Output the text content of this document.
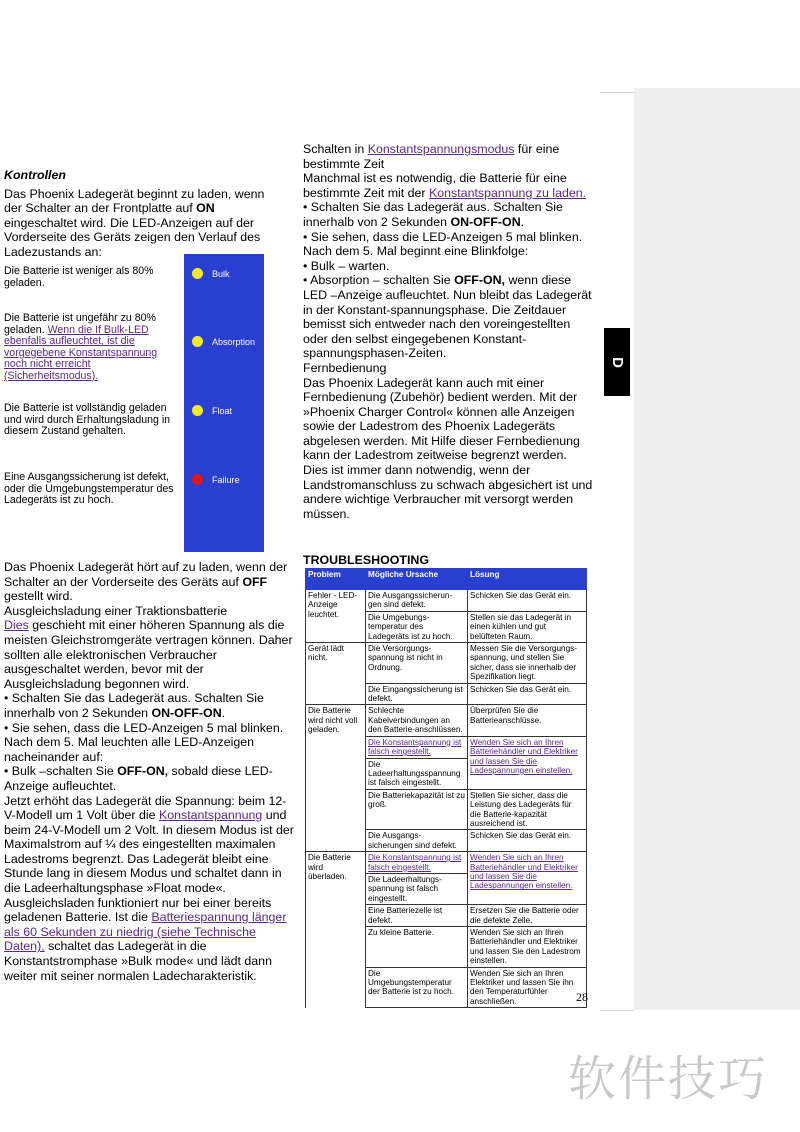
D

Kontrollen

Das Phoenix Ladegerät beginnt zu laden, wenn der Schalter an der Frontplatte auf ON eingeschaltet wird. Die LED-Anzeigen auf der Vorderseite des Geräts zeigen den Verlauf des Ladezustands an:

Die Batterie ist weniger als 80% geladen.
Die Batterie ist ungefähr zu 80% geladen. Wenn die If Bulk-LED ebenfalls aufleuchtet, ist die vorgegebene Konstantspannung noch nicht erreicht (Sicherheitsmodus).
Die Batterie ist vollständig geladen und wird durch Erhaltungsladung in diesem Zustand gehalten.
Eine Ausgangssicherung ist defekt, oder die Umgebungstemperatur des Ladegeräts ist zu hoch.
Bulk
Absorption
Float
Failure

Das Phoenix Ladegerät hört auf zu laden, wenn der Schalter an der Vorderseite des Geräts auf OFF gestellt wird.

Ausgleichsladung einer Traktionsbatterie

Dies geschieht mit einer höheren Spannung als die meisten Gleichstromgeräte vertragen können. Daher sollten alle elektronischen Verbraucher ausgeschaltet werden, bevor mit der Ausgleichsladung begonnen wird.

• Schalten Sie das Ladegerät aus. Schalten Sie innerhalb von 2 Sekunden ON-OFF-ON.

• Sie sehen, dass die LED-Anzeigen 5 mal blinken. Nach dem 5. Mal leuchten alle LED-Anzeigen nacheinander auf:

• Bulk –schalten Sie OFF-ON, sobald diese LED-Anzeige aufleuchtet.

Jetzt erhöht das Ladegerät die Spannung: beim 12-V-Modell um 1 Volt über die Konstantspannung und beim 24-V-Modell um 2 Volt. In diesem Modus ist der Maximalstrom auf ¼ des eingestellten maximalen Ladestroms begrenzt. Das Ladegerät bleibt eine Stunde lang in diesem Modus und schaltet dann in die Ladeerhaltungsphase »Float mode«.

Ausgleichsladen funktioniert nur bei einer bereits geladenen Batterie. Ist die Batteriespannung länger als 60 Sekunden zu niedrig (siehe Technische Daten), schaltet das Ladegerät in die Konstantstromphase »Bulk mode« und lädt dann weiter mit seiner normalen Ladecharakteristik.

Schalten in Konstantspannungsmodus für eine bestimmte Zeit

Manchmal ist es notwendig, die Batterie für eine bestimmte Zeit mit der Konstantspannung zu laden.

• Schalten Sie das Ladegerät aus. Schalten Sie innerhalb von 2 Sekunden ON-OFF-ON.

• Sie sehen, dass die LED-Anzeigen 5 mal blinken. Nach dem 5. Mal beginnt eine Blinkfolge:

• Bulk – warten.

• Absorption – schalten Sie OFF-ON, wenn diese LED –Anzeige aufleuchtet. Nun bleibt das Ladegerät in der Konstant-spannungsphase. Die Zeitdauer bemisst sich entweder nach den voreingestellten oder den selbst eingegebenen Konstant-spannungsphasen-Zeiten.

Fernbedienung

Das Phoenix Ladegerät kann auch mit einer Fernbedienung (Zubehör) bedient werden. Mit der »Phoenix Charger Control« können alle Anzeigen sowie der Ladestrom des Phoenix Ladegeräts abgelesen werden. Mit Hilfe dieser Fernbedienung kann der Ladestrom zeitweise begrenzt werden. Dies ist immer dann notwendig, wenn der Landstromanschluss zu schwach abgesichert ist und andere wichtige Verbraucher mit versorgt werden müssen.

TROUBLESHOOTING
Problem	Mögliche Ursache	Lösung
Fehler - LED-Anzeige leuchtet.	Die Ausgangssicherun-gen sind defekt.	Schicken Sie das Gerät ein.
	Die Umgebungs-temperatur des Ladegeräts ist zu hoch.	Stellen sie das Ladegerät in einen kühlen und gut belüfteten Raum.
Gerät lädt nicht.	Die Versorgungs-spannung ist nicht in Ordnung.	Messen Sie die Versorgungs-spannung, und stellen Sie sicher, dass sie innerhalb der Spezifikation liegt.
	Die Eingangssicherung ist defekt.	Schicken Sie das Gerät ein.
Die Batterie wird nicht voll geladen.	Schlechte Kabelverbindungen an den Batterie-anschlüssen.	Überprüfen Sie die Batterieanschlüsse.
	Die Konstantspannung ist falsch eingestellt.	Wenden Sie sich an Ihren Batteriehändler und Elektriker und lassen Sie die Ladespannungen einstellen.
	Die Ladeerhaltungsspannung ist falsch eingestellt.	
	Die Batteriekapazität ist zu groß.	Stellen Sie sicher, dass die Leistung des Ladegeräts für die Batterie-kapazität ausreichend ist.
	Die Ausgangs-sicherungen sind defekt.	Schicken Sie das Gerät ein.
Die Batterie wird überladen.	Die Konstantspannung ist falsch eingestellt.	Wenden Sie sich an Ihren Batteriehändler und Elektriker und lassen Sie die Ladespannungen einstellen.
	Die Ladeerhaltungs-spannung ist falsch eingestellt.	
	Eine Batteriezelle ist defekt.	Ersetzen Sie die Batterie oder die defekte Zelle.
	Zu kleine Batterie.	Wenden Sie sich an Ihren Batteriehändler und Elektriker und lassen Sie den Ladestrom einstellen.
	Die Umgebungstemperatur der Batterie ist zu hoch.	Wenden Sie sich an Ihren Elektriker und lassen Sie ihn den Temperaturfühler anschließen.	28
软件技巧
